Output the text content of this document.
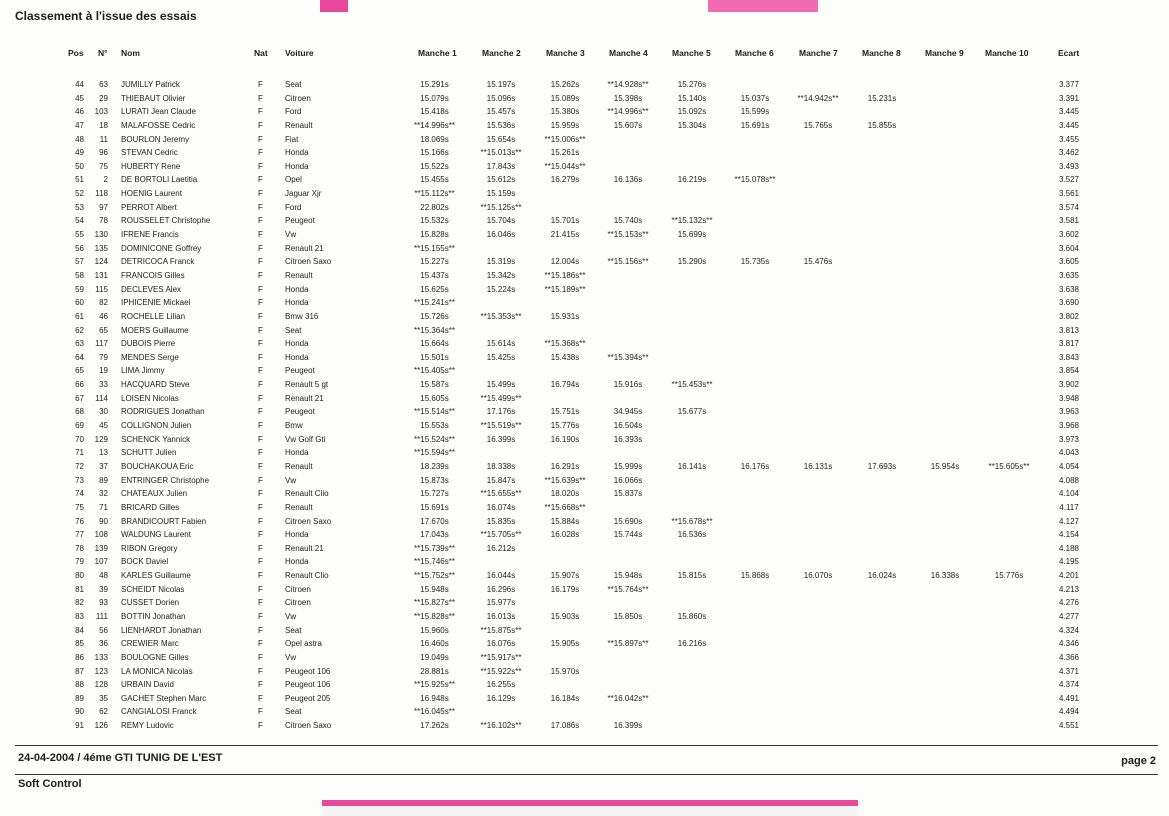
Classement à l'issue des essais
Pos N° Nom	Nat Voiture	Manche 1	Manche 2	Manche 3	Manche 4	Manche 5	Manche 6	Manche 7	Manche 8	Manche 9	Manche 10	Ecart
44	63 JUMILLY Patrick	F	Seat	15.291s	15.197s	15.262s	**14.928s**	15.276s	3.377
45	29 THIEBAUT Olivier	F	Citroen	15.079s	15.096s	15.089s	15.398s	15.140s	15.037s	**14.942s**	15.231s	3.391
46	103 LURATI Jean Claude	F	Ford	15.418s	15.457s	15.380s	**14.996s**	15.092s	15.599s	3.445
47	18 MALAFOSSE Cedric	F	Renault	**14.996s**	15.536s	15.959s	15.607s	15.304s	15.691s	15.765s	15.855s	3.445
48	11 BOURLON Jeremy	F	Fiat	18.069s	15.654s	**15.006s**	3.455
49	96 STEVAN Cedric	F	Honda	15.166s	**15.013s**	15.261s	3.462
50	75 HUBERTY Rene	F	Honda	15.522s	17.843s	**15.044s**	3.493
51	2 DE BORTOLI Laetitia	F	Opel	15.455s	15.612s	16.279s	16.136s	16.219s	**15.078s**	3.527
52	118 HOENIG Laurent	F	Jaguar Xjr	**15.112s**	15.159s	3.561
53	97 PERROT Albert	F	Ford	22.802s	**15.125s**	3.574
54	78 ROUSSELET Christophe	F	Peugeot	15.532s	15.704s	15.701s	15.740s	**15.132s**	3.581
55	130 IFRENE Francis	F	Vw	15.828s	16.046s	21.415s	**15.153s**	15.699s	3.602
56	135 DOMINICONE Goffrey	F	Renault 21	**15.155s**	3.604
57	124 DETRICOCA Franck	F	Citroen Saxo	15.227s	15.319s	12.004s	**15.156s**	15.290s	15.735s	15.476s	3.605
58	131 FRANCOIS Gilles	F	Renault	15.437s	15.342s	**15.186s**	3.635
59	115 DECLEVES Alex	F	Honda	15.625s	15.224s	**15.189s**	3.638
60	82 IPHICENIE Mickael	F	Honda	**15.241s**	3.690
61	46 ROCHELLE Lilian	F	Bmw 316	15.726s	**15.353s**	15.931s	3.802
62	65 MOERS Guillaume	F	Seat	**15.364s**	3.813
63	117 DUBOIS Pierre	F	Honda	15.664s	15.614s	**15.368s**	3.817
64	79 MENDES Serge	F	Honda	15.501s	15.425s	15.438s	**15.394s**	3.843
65	19 LIMA Jimmy	F	Peugeot	**15.405s**	3.854
66	33 HACQUARD Steve	F	Renault 5 gt	15.587s	15.499s	16.794s	15.916s	**15.453s**	3.902
67	114 LOISEN Nicolas	F	Renault 21	15.605s	**15.499s**	3.948
68	30 RODRIGUES Jonathan	F	Peugeot	**15.514s**	17.176s	15.751s	34.945s	15.677s	3.963
69	45 COLLIGNON Julien	F	Bmw	15.553s	**15.519s**	15.776s	16.504s	3.968
70	129 SCHENCK Yannick	F	Vw Golf Gti	**15.524s**	16.399s	16.190s	16.393s	3.973
71	13 SCHUTT Julien	F	Honda	**15.594s**	4.043
72	37 BOUCHAKOUA Eric	F	Renault	18.239s	18.338s	16.291s	15.999s	16.141s	16.176s	16.131s	17.693s	15.954s	**15.605s**	4.054
73	89 ENTRINGER Christophe	F	Vw	15.873s	15.847s	**15.639s**	16.066s	4.088
74	32 CHATEAUX Julien	F	Renault Clio	15.727s	**15.655s**	18.020s	15.837s	4.104
75	71 BRICARD Gilles	F	Renault	15.691s	16.074s	**15.668s**	4.117
76	90 BRANDICOURT Fabien	F	Citroen Saxo	17.670s	15.835s	15.884s	15.690s	**15.678s**	4.127
77	108 WALDUNG Laurent	F	Honda	17.043s	**15.705s**	16.028s	15.744s	16.536s	4.154
78	139 RIBON Gregory	F	Renault 21	**15.739s**	16.212s	4.188
79	107 BOCK Daviel	F	Honda	**15.746s**	4.195
80	48 KARLES Guillaume	F	Renault Clio	**15.752s**	16.044s	15.907s	15.948s	15.815s	15.868s	16.070s	16.024s	16.338s	15.776s	4.201
81	39 SCHEIDT Nicolas	F	Citroen	15.948s	16.296s	16.179s	**15.764s**	4.213
82	93 CUSSET Dorien	F	Citroen	**15.827s**	15.977s	4.276
83	111 BOTTIN Jonathan	F	Vw	**15.828s**	16.013s	15.903s	15.850s	15.860s	4.277
84	56 LIENHARDT Jonathan	F	Seat	15.960s	**15.875s**	4.324
85	36 CREWIER Marc	F	Opel astra	16.460s	16.076s	15.905s	**15.897s**	16.216s	4.346
86	133 BOULOGNE Gilles	F	Vw	19.049s	**15.917s**	4.366
87	123 LA MONICA Nicolas	F	Peugeot 106	28.881s	**15.922s**	15.970s	4.371
88	128 URBAIN David	F	Peugeot 106	**15.925s**	16.255s	4.374
89	35 GACHET Stephen Marc	F	Peugeot 205	16.948s	16.129s	16.184s	**16.042s**	4.491
90	62 CANGIALOSI Franck	F	Seat	**16.045s**	4.494
91	126 REMY Ludovic	F	Citroen Saxo	17.262s	**16.102s**	17.086s	16.399s	4.551
24-04-2004 / 4éme GTI TUNIG DE L'EST	page 2
Soft Control
